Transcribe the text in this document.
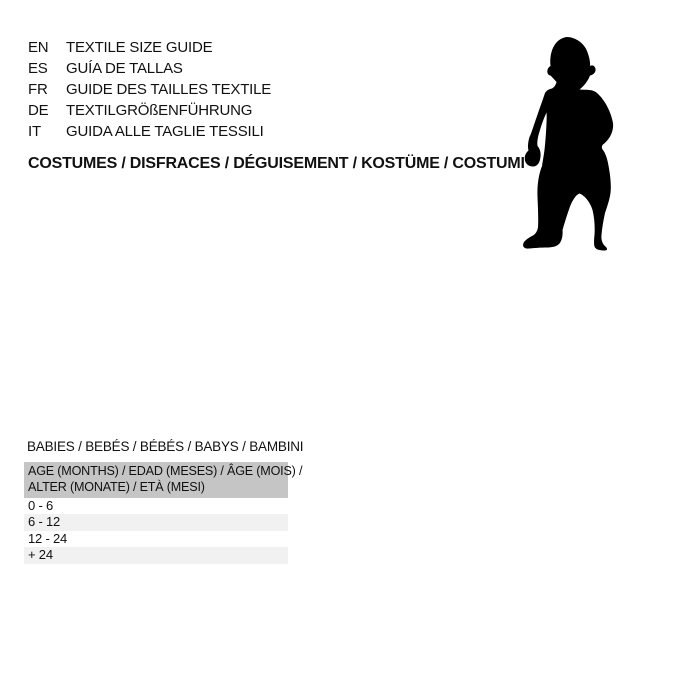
EN	TEXTILE SIZE GUIDE
ES	GUÍA DE TALLAS
FR	GUIDE DES TAILLES TEXTILE
DE	TEXTILGRÖßENFÜHRUNG
IT	GUIDA ALLE TAGLIE TESSILI
COSTUMES / DISFRACES / DÉGUISEMENT / KOSTÜME / COSTUMI
BABIES / BEBÉS / BÉBÉS / BABYS / BAMBINI
AGE (MONTHS) / EDAD (MESES) / ÂGE (MOIS) /
ALTER (MONATE) / ETÀ (MESI)
0 - 6
6 - 12
12 - 24
+ 24
